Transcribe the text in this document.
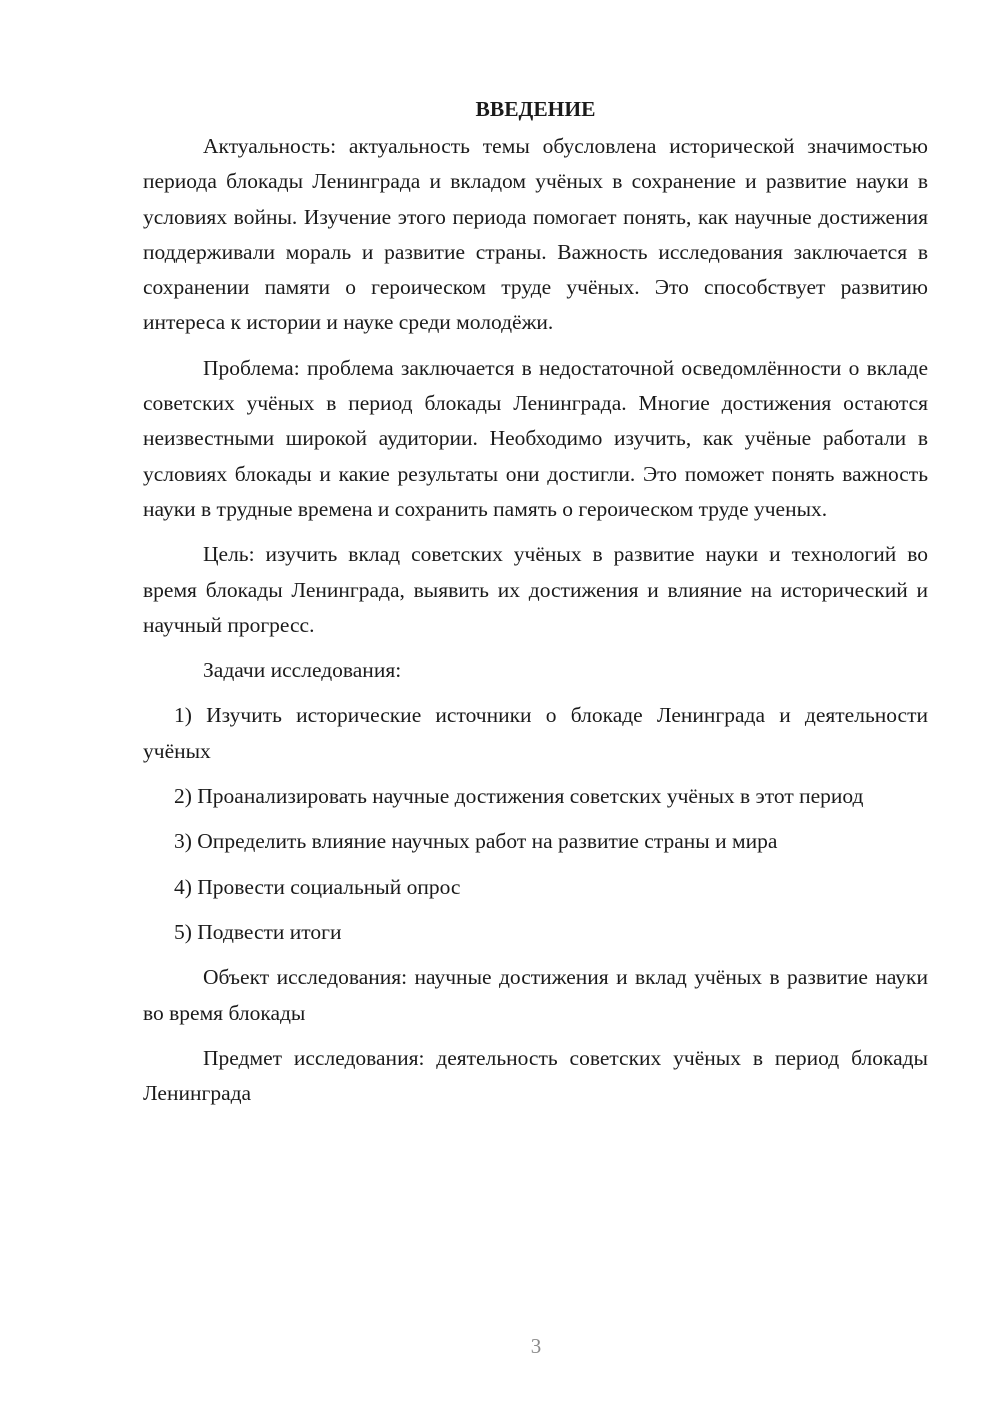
ВВЕДЕНИЕ

Актуальность: актуальность темы обусловлена исторической значимостью периода блокады Ленинграда и вкладом учёных в сохранение и развитие науки в условиях войны. Изучение этого периода помогает понять, как научные достижения поддерживали мораль и развитие страны. Важность исследования заключается в сохранении памяти о героическом труде учёных. Это способствует развитию интереса к истории и науке среди молодёжи.

Проблема: проблема заключается в недостаточной осведомлённости о вкладе советских учёных в период блокады Ленинграда. Многие достижения остаются неизвестными широкой аудитории. Необходимо изучить, как учёные работали в условиях блокады и какие результаты они достигли. Это поможет понять важность науки в трудные времена и сохранить память о героическом труде ученых.

Цель: изучить вклад советских учёных в развитие науки и технологий во время блокады Ленинграда, выявить их достижения и влияние на исторический и научный прогресс.

Задачи исследования:

1) Изучить исторические источники о блокаде Ленинграда и деятельности учёных

2) Проанализировать научные достижения советских учёных в этот период

3) Определить влияние научных работ на развитие страны и мира

4) Провести социальный опрос

5) Подвести итоги

Объект исследования: научные достижения и вклад учёных в развитие науки во время блокады

Предмет исследования: деятельность советских учёных в период блокады Ленинграда

3
